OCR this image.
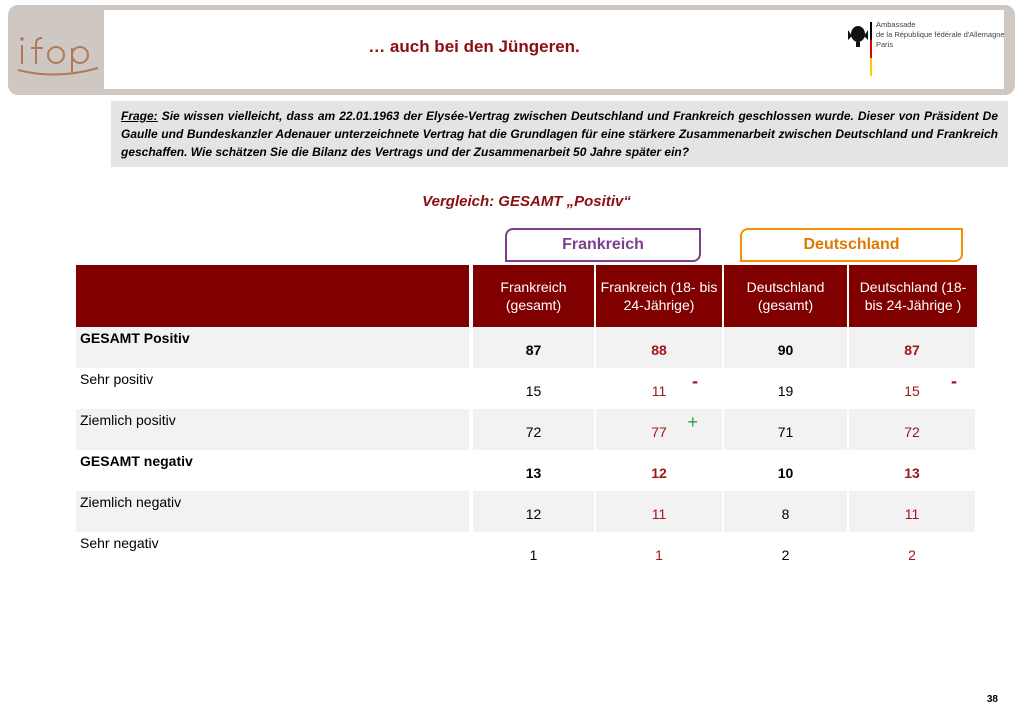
… auch bei den Jüngeren.
Ambassade
de la République fédérale d'Allemagne
Paris
Frage: Sie wissen vielleicht, dass am 22.01.1963 der Elysée-Vertrag zwischen Deutschland und Frankreich geschlossen wurde. Dieser von Präsident De Gaulle und Bundeskanzler Adenauer unterzeichnete Vertrag hat die Grundlagen für eine stärkere Zusammenarbeit zwischen Deutschland und Frankreich geschaffen. Wie schätzen Sie die Bilanz des Vertrags und der Zusammenarbeit 50 Jahre später ein?
Vergleich: GESAMT „Positiv“
Frankreich	Deutschland
	Frankreich (gesamt)	Frankreich (18- bis 24-Jährige)	Deutschland (gesamt)	Deutschland (18- bis 24-Jährige )
GESAMT Positiv	87	88	90	87
Sehr positiv	15	11 -	19	15 -

Ziemlich positiv	72	77 +	71	72
GESAMT negativ	13	12	10	13
Ziemlich negativ	12	11	8	11
Sehr negativ	1	1	2	2
38
